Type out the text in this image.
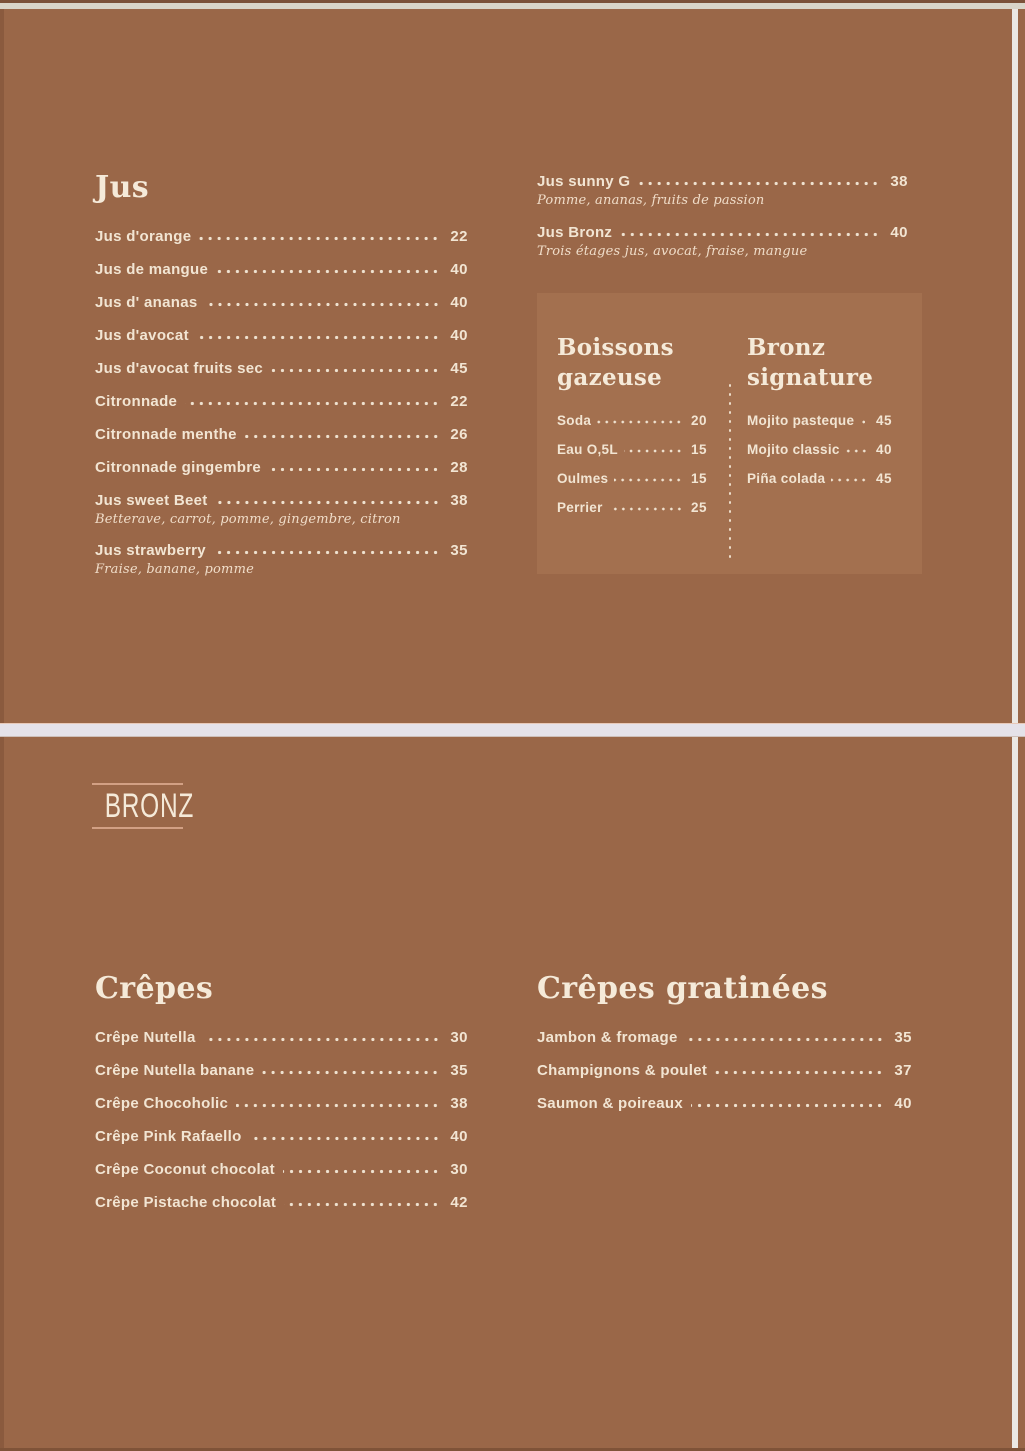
Jus
Jus d'orange	22
Jus de mangue	40
Jus d' ananas	40
Jus d'avocat	40
Jus d'avocat fruits sec	45
Citronnade	22
Citronnade menthe	26
Citronnade gingembre	28
Jus sweet Beet	38
Betterave, carrot, pomme, gingembre, citron
Jus strawberry	35
Fraise, banane, pomme
Jus sunny G	38
Pomme, ananas, fruits de passion
Jus Bronz	40
Trois étages jus, avocat, fraise, mangue
Boissons
gazeuse
Soda	20
Eau O,5L	15
Oulmes	15
Perrier	25
Bronz
signature
Mojito pasteque 45
Mojito classic	40
Piña colada	45
BRONZ
Crêpes
Crêpe Nutella	30
Crêpe Nutella banane	35
Crêpe Chocoholic	38
Crêpe Pink Rafaello	40
Crêpe Coconut chocolat	30
Crêpe Pistache chocolat	42
Crêpes gratinées
Jambon & fromage	35
Champignons & poulet	37
Saumon & poireaux	40
